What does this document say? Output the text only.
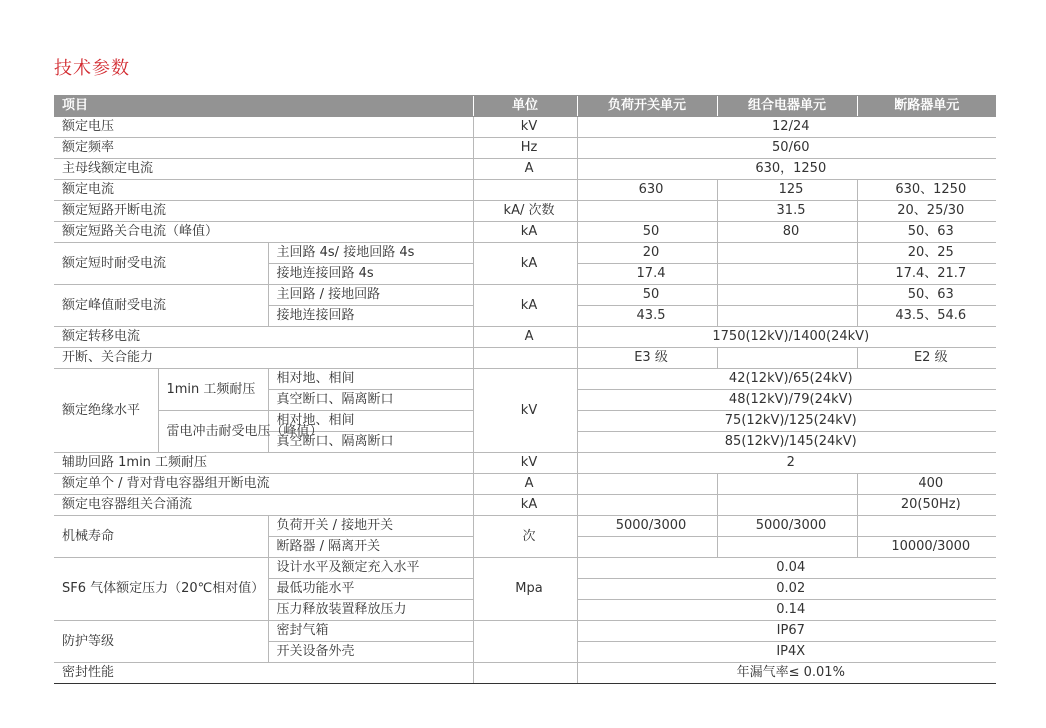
技术参数
项目			单位	负荷开关单元	组合电器单元	断路器单元
额定电压			kV	12/24		
额定频率			Hz	50/60		
主母线额定电流			A	630，1250		
额定电流				630	125	630、1250
额定短路开断电流			kA/ 次数		31.5	20、25/30
额定短路关合电流（峰值）			kA	50	80	50、63
额定短时耐受电流		主回路 4s/ 接地回路 4s	kA	20		20、25
		接地连接回路 4s		17.4		17.4、21.7
额定峰值耐受电流		主回路 / 接地回路	kA	50		50、63
		接地连接回路		43.5		43.5、54.6
额定转移电流			A	1750(12kV)/1400(24kV)		
开断、关合能力				E3 级		E2 级
额定绝缘水平	1min 工频耐压	相对地、相间	kV	42(12kV)/65(24kV)		
		真空断口、隔离断口		48(12kV)/79(24kV)		
	雷电冲击耐受电压（峰值）	相对地、相间		75(12kV)/125(24kV)		
		真空断口、隔离断口		85(12kV)/145(24kV)		
辅助回路 1min 工频耐压			kV	2		
额定单个 / 背对背电容器组开断电流			A			400
额定电容器组关合涌流			kA			20(50Hz)
机械寿命		负荷开关 / 接地开关	次	5000/3000	5000/3000	
		断路器 / 隔离开关				10000/3000
SF6 气体额定压力（20℃相对值）		设计水平及额定充入水平	Mpa	0.04		
		最低功能水平		0.02		
		压力释放装置释放压力		0.14		
防护等级		密封气箱		IP67		
		开关设备外壳		IP4X		
密封性能				年漏气率≤ 0.01%		
